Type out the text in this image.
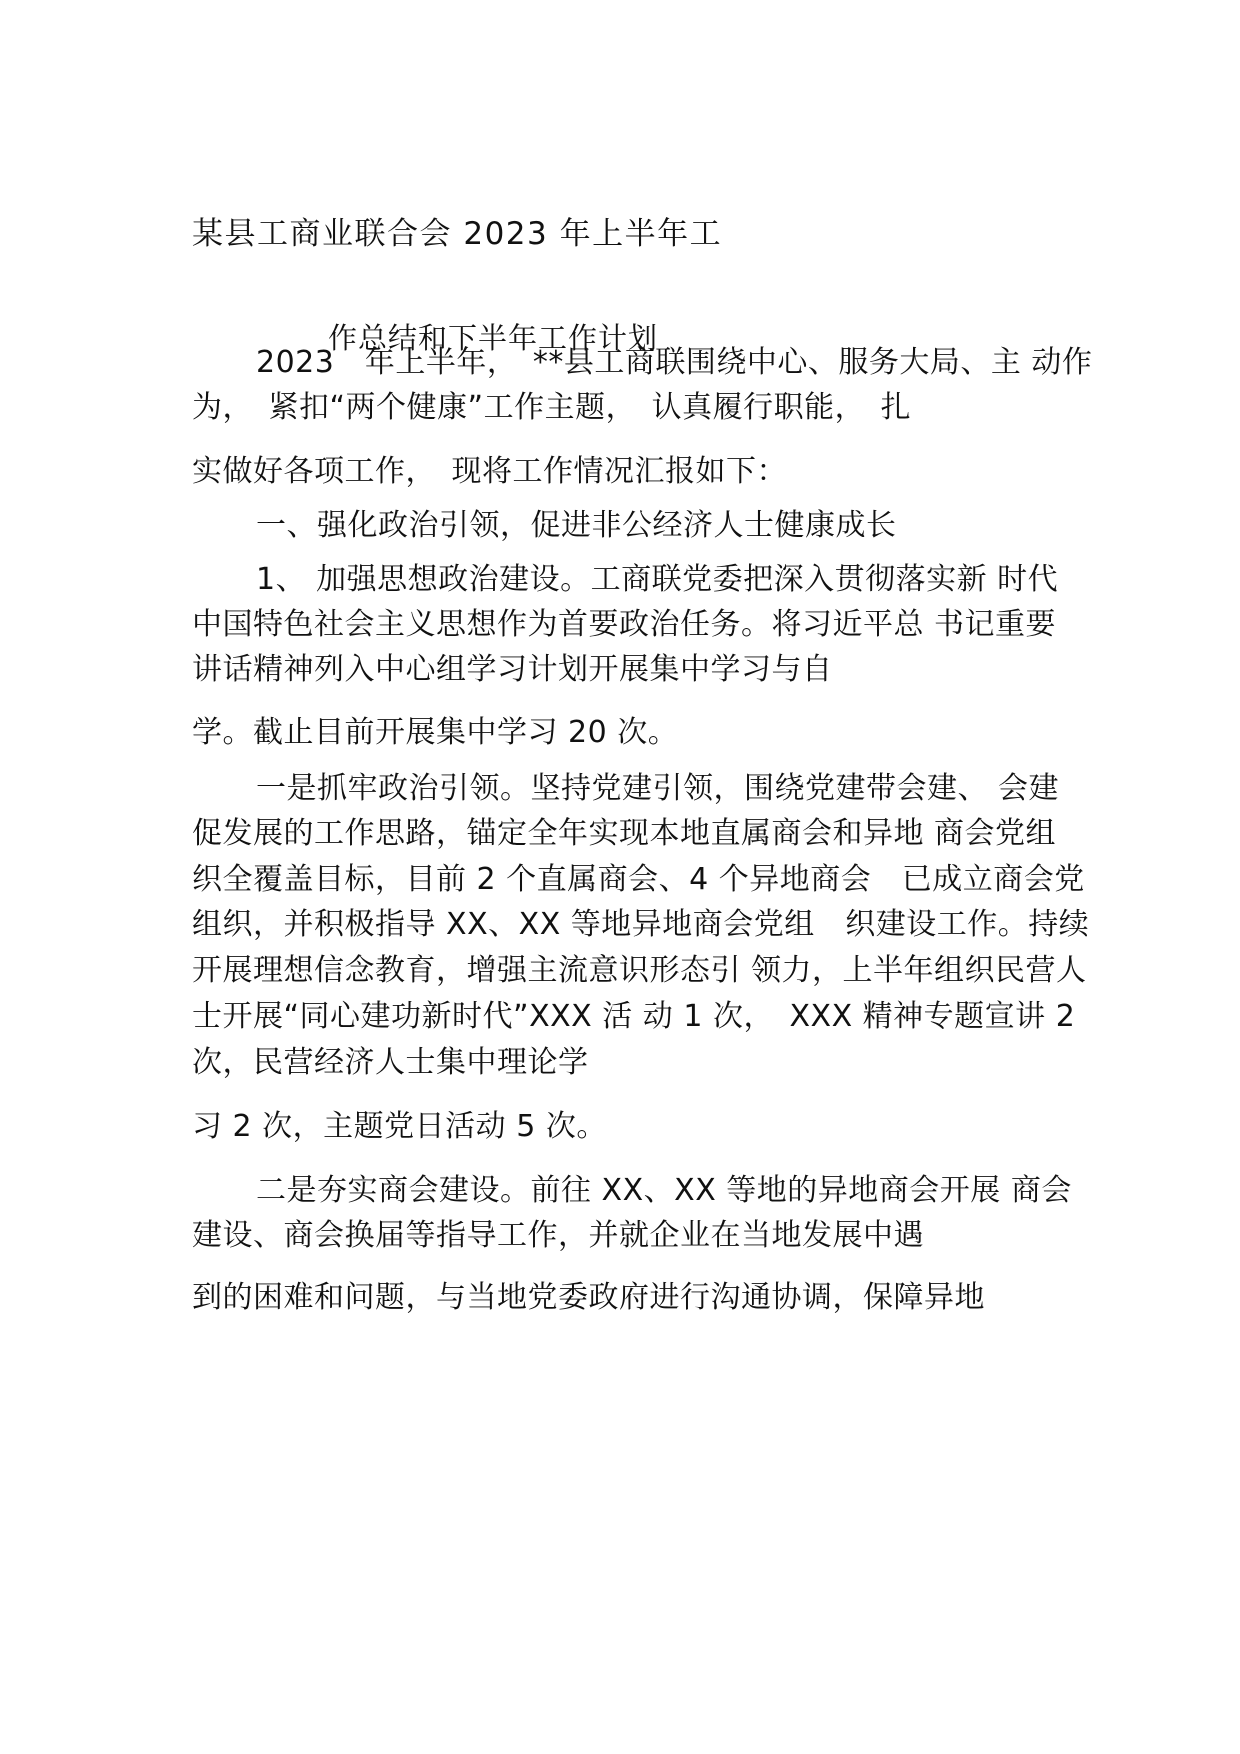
某县工商业联合会 2023 年上半年工
作总结和下半年工作计划
2023　年上半年，　**县工商联围绕中心、服务大局、主 动作
为，　紧扣“两个健康”工作主题，　认真履行职能，　扎
实做好各项工作，　现将工作情况汇报如下：
一、强化政治引领，促进非公经济人士健康成长
1、 加强思想政治建设。工商联党委把深入贯彻落实新 时代
中国特色社会主义思想作为首要政治任务。将习近平总 书记重要
讲话精神列入中心组学习计划开展集中学习与自
学。截止目前开展集中学习 20 次。
一是抓牢政治引领。坚持党建引领，围绕党建带会建、 会建
促发展的工作思路，锚定全年实现本地直属商会和异地 商会党组
织全覆盖目标，目前 2 个直属商会、4 个异地商会　已成立商会党
组织，并积极指导 XX、XX 等地异地商会党组　织建设工作。持续
开展理想信念教育，增强主流意识形态引 领力，上半年组织民营人
士开展“同心建功新时代”XXX 活 动 1 次，　XXX 精神专题宣讲 2
次，民营经济人士集中理论学
习 2 次，主题党日活动 5 次。
二是夯实商会建设。前往 XX、XX 等地的异地商会开展 商会
建设、商会换届等指导工作，并就企业在当地发展中遇
到的困难和问题，与当地党委政府进行沟通协调，保障异地
